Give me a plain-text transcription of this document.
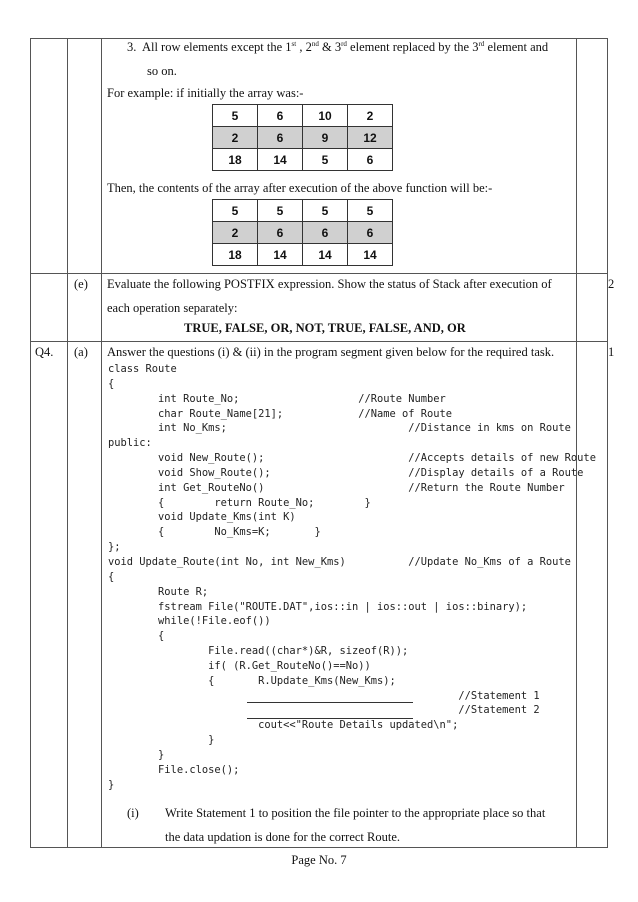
3. All row elements except the 1st , 2nd & 3rd element replaced by the 3rd element and
so on.
For example: if initially the array was:-
5	6	10	2
2	6	9	12
18	14	5	6
Then, the contents of the array after execution of the above function will be:-
5	5	5	5
2	6	6	6
18	14	14	14
(e) Evaluate the following POSTFIX expression. Show the status of Stack after execution of
each operation separately:
TRUE, FALSE, OR, NOT, TRUE, FALSE, AND, OR
2
Q4. (a) Answer the questions (i) & (ii) in the program segment given below for the required task.	1
class Route
{
int Route_No;                   //Route Number
char Route_Name[21];            //Name of Route
int No_Kms;                             //Distance in kms on Route
public:
void New_Route();                       //Accepts details of new Route
void Show_Route();                      //Display details of a Route
int Get_RouteNo()                       //Return the Route Number
{        return Route_No;        }
void Update_Kms(int K)
{        No_Kms=K;       }
};
void Update_Route(int No, int New_Kms)          //Update No_Kms of a Route
{
Route R;
fstream File("ROUTE.DAT",ios::in | ios::out | ios::binary);
while(!File.eof())
{
File.read((char*)&R, sizeof(R));
if( (R.Get_RouteNo()==No))
{       R.Update_Kms(New_Kms);
//Statement 1
//Statement 2
cout<<"Route Details updated\n";
}
}
File.close();
}
(i) Write Statement 1 to position the file pointer to the appropriate place so that
the data updation is done for the correct Route.
Page No. 7
